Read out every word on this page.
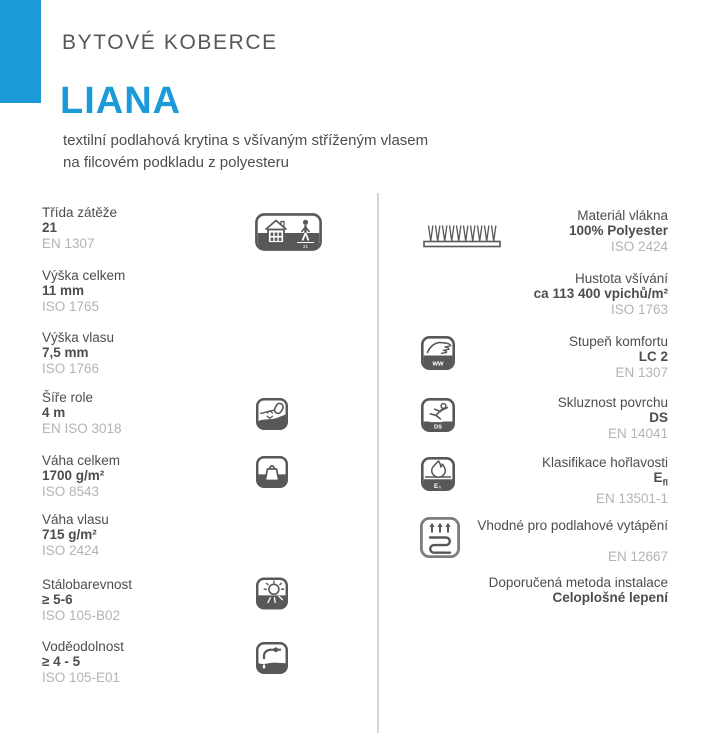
BYTOVÉ KOBERCE
LIANA
textilní podlahová krytina s všívaným stříženým vlasem
na filcovém podkladu z polyesteru
Třída zátěže
21
EN 1307	21
Výška celkem
11 mm
ISO 1765
Výška vlasu
7,5 mm
ISO 1766
Šíře role
4 m
EN ISO 3018
Váha celkem
1700 g/m²
ISO 8543
Váha vlasu
715 g/m²
ISO 2424
Stálobarevnost
≥ 5-6
ISO 105-B02
Voděodolnost
≥ 4 - 5
ISO 105-E01
Materiál vlákna
100% Polyester
ISO 2424
Hustota všívání
ca 113 400 vpichů/m²
ISO 1763
Stupeň komfortu
LC 2
EN 1307
ww
Skluznost povrchu
DS
EN 14041
DS
Klasifikace hořlavosti
$E_{fl}$
EN 13501-1
E fl
Vhodné pro podlahové vytápění
EN 12667
Doporučená metoda instalace
Celoplošné lepení
